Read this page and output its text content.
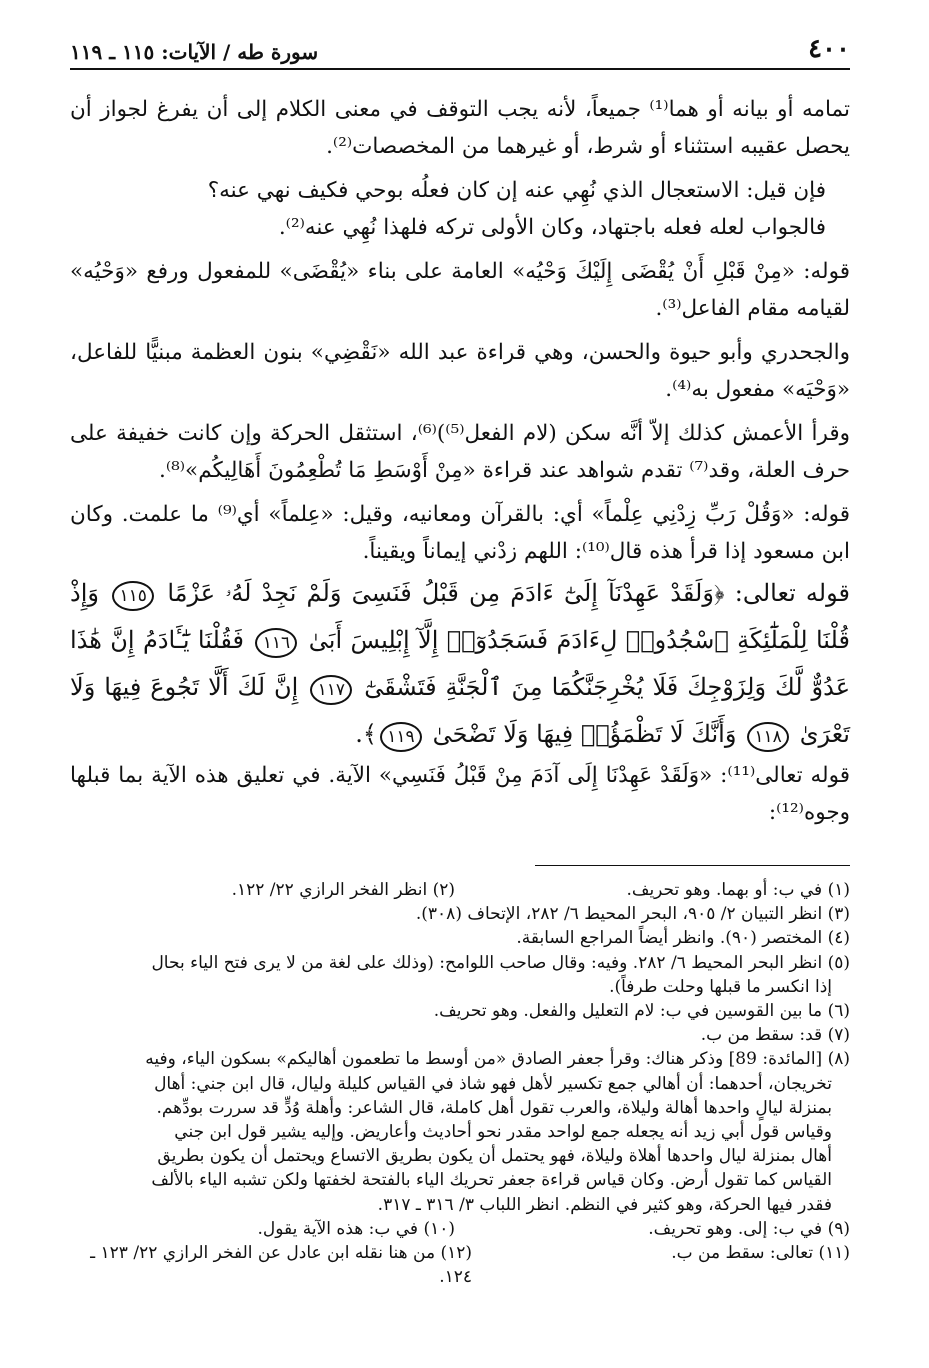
٤٠٠
سورة طه / الآيات: ١١٥ ـ ١١٩

تمامه أو بيانه أو هما⁽¹⁾ جميعاً، لأنه يجب التوقف في معنى الكلام إلى أن يفرغ لجواز أن يحصل عقيبه استثناء أو شرط، أو غيرهما من المخصصات⁽²⁾.

فإن قيل: الاستعجال الذي نُهِي عنه إن كان فعلُه بوحي فكيف نهي عنه؟

فالجواب لعله فعله باجتهاد، وكان الأولى تركه فلهذا نُهِي عنه⁽²⁾.

قوله: «مِنْ قَبْلِ أَنْ يُقْضَى إِلَيْكَ وَحْيُه» العامة على بناء «يُقْضَى» للمفعول ورفع «وَحْيُه» لقيامه مقام الفاعل⁽³⁾.

والجحدري وأبو حيوة والحسن، وهي قراءة عبد الله «نَقْضِي» بنون العظمة مبنيًّا للفاعل، «وَحْيَه» مفعول به⁽⁴⁾.

وقرأ الأعمش كذلك إلاّ أنَّه سكن (لام الفعل⁽⁵⁾)⁽⁶⁾، استثقل الحركة وإن كانت خفيفة على حرف العلة، وقد⁽⁷⁾ تقدم شواهد عند قراءة «مِنْ أَوْسَطِ مَا تُطْعِمُونَ أَهَالِيكُم»⁽⁸⁾.

قوله: «وَقُلْ رَبِّ زِدْنِي عِلْماً» أي: بالقرآن ومعانيه، وقيل: «عِلماً» أي⁽⁹⁾ ما علمت. وكان ابن مسعود إذا قرأ هذه قال⁽¹⁰⁾: اللهم زدْني إيماناً ويقيناً.

قوله تعالى: ﴿وَلَقَدْ عَهِدْنَآ إِلَىٰٓ ءَادَمَ مِن قَبْلُ فَنَسِىَ وَلَمْ نَجِدْ لَهُۥ عَزْمًا ١١٥ وَإِذْ قُلْنَا لِلْمَلَٰٓئِكَةِ ٱسْجُدُوا۟ لِءَادَمَ فَسَجَدُوٓا۟ إِلَّآ إِبْلِيسَ أَبَىٰ ١١٦ فَقُلْنَا يَٰٓـَٔادَمُ إِنَّ هَٰذَا عَدُوٌّ لَّكَ وَلِزَوْجِكَ فَلَا يُخْرِجَنَّكُمَا مِنَ ٱلْجَنَّةِ فَتَشْقَىٰٓ ١١٧ إِنَّ لَكَ أَلَّا تَجُوعَ فِيهَا وَلَا تَعْرَىٰ ١١٨ وَأَنَّكَ لَا تَظْمَؤُا۟ فِيهَا وَلَا تَضْحَىٰ ١١٩﴾.

قوله تعالى⁽¹¹⁾: «وَلَقَدْ عَهِدْنَا إِلَى آدَمَ مِنْ قَبْلُ فَنَسِي» الآية. في تعليق هذه الآية بما قبلها وجوه⁽¹²⁾:

(١) في ب: أو بهما. وهو تحريف.
(٢) انظر الفخر الرازي ٢٢/ ١٢٢.

(٣) انظر التبيان ٢/ ٩٠٥، البحر المحيط ٦/ ٢٨٢، الإتحاف (٣٠٨).

(٤) المختصر (٩٠). وانظر أيضاً المراجع السابقة.

(٥) انظر البحر المحيط ٦/ ٢٨٢. وفيه: وقال صاحب اللوامح: (وذلك على لغة من لا يرى فتح الياء بحال

إذا انكسر ما قبلها وحلت طرفاً).

(٦) ما بين القوسين في ب: لام التعليل والفعل. وهو تحريف.

(٧) قد: سقط من ب.

(٨) [المائدة: 89] وذكر هناك: وقرأ جعفر الصادق «من أوسط ما تطعمون أهاليكم» بسكون الياء، وفيه

تخريجان، أحدهما: أن أهالي جمع تكسير لأهل فهو شاذ في القياس كليلة وليال، قال ابن جني: أهال

بمنزلة ليالٍ واحدها أهالة وليلاة، والعرب تقول أهل كاملة، قال الشاعر: وأهلة وُدٍّ قد سررت بودِّهم.

وقياس قول أبي زيد أنه يجعله جمع لواحد مقدر نحو أحاديث وأعاريض. وإليه يشير قول ابن جني

أهال بمنزلة ليال واحدها أهلاة وليلاة، فهو يحتمل أن يكون بطريق الاتساع ويحتمل أن يكون بطريق

القياس كما تقول أرض. وكان قياس قراءة جعفر تحريك الياء بالفتحة لخفتها ولكن تشبه الياء بالألف

فقدر فيها الحركة، وهو كثير في النظم. انظر اللباب ٣/ ٣١٦ ـ ٣١٧.

(٩) في ب: إلى. وهو تحريف.
(١٠) في ب: هذه الآية يقول.

(١١) تعالى: سقط من ب.
(١٢) من هنا نقله ابن عادل عن الفخر الرازي ٢٢/ ١٢٣ ـ ١٢٤.
